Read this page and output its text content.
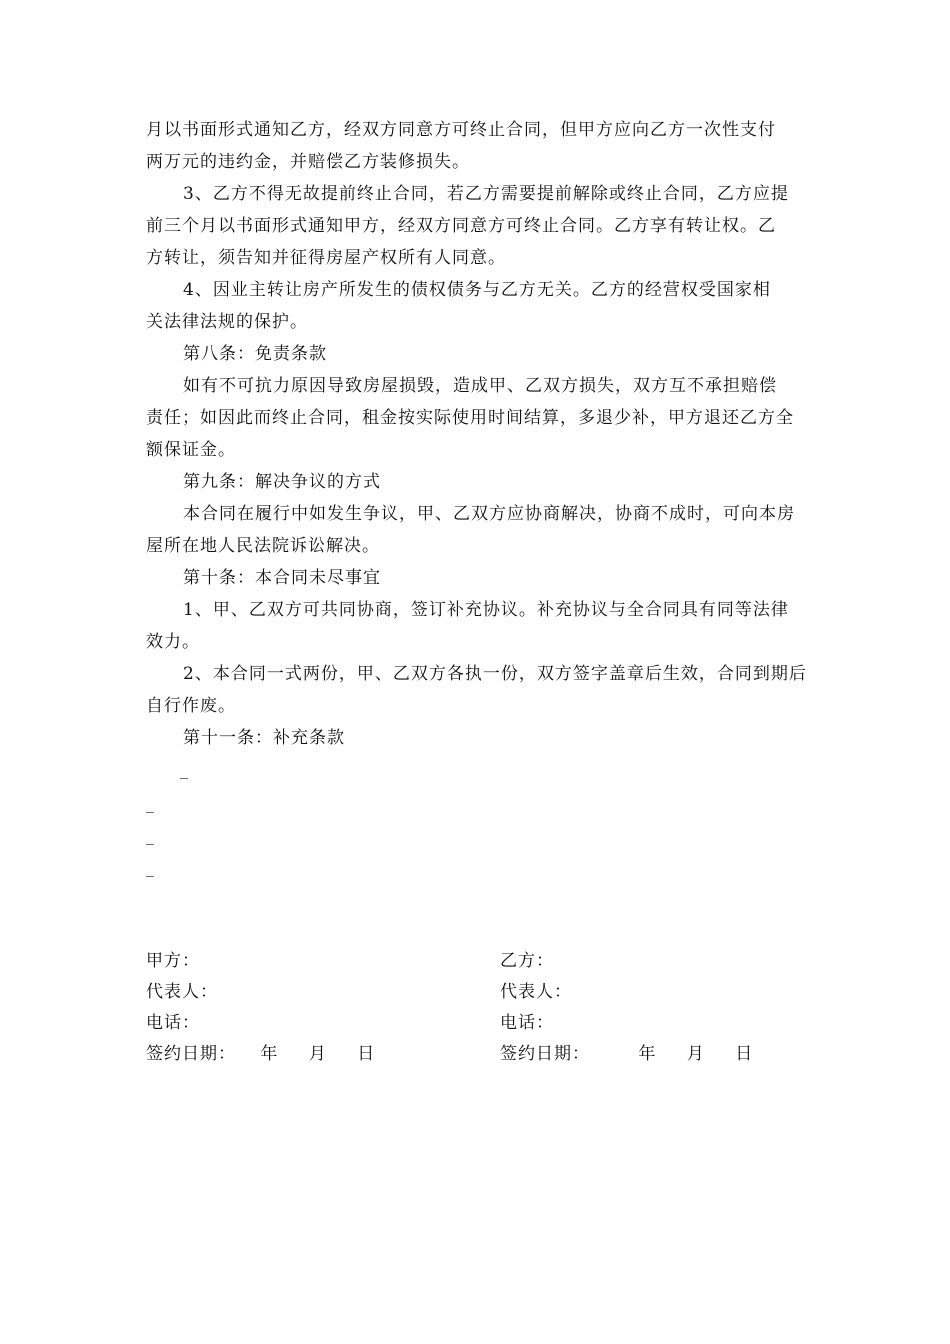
月以书面形式通知乙方，经双方同意方可终止合同，但甲方应向乙方一次性支付
两万元的违约金，并赔偿乙方装修损失。
3、乙方不得无故提前终止合同，若乙方需要提前解除或终止合同，乙方应提
前三个月以书面形式通知甲方，经双方同意方可终止合同。乙方享有转让权。乙
方转让，须告知并征得房屋产权所有人同意。
4、因业主转让房产所发生的债权债务与乙方无关。乙方的经营权受国家相
关法律法规的保护。
第八条：免责条款
如有不可抗力原因导致房屋损毁，造成甲、乙双方损失，双方互不承担赔偿
责任；如因此而终止合同，租金按实际使用时间结算，多退少补，甲方退还乙方全
额保证金。
第九条：解决争议的方式
本合同在履行中如发生争议，甲、乙双方应协商解决，协商不成时，可向本房
屋所在地人民法院诉讼解决。
第十条：本合同未尽事宜
1、甲、乙双方可共同协商，签订补充协议。补充协议与全合同具有同等法律
效力。
2、本合同一式两份，甲、乙双方各执一份，双方签字盖章后生效，合同到期后
自行作废。
第十一条：补充条款
_
_
_
_
甲方：
代表人：
电话：
签约日期： 年 月 日
乙方：
代表人：
电话：
签约日期：	年 月 日
